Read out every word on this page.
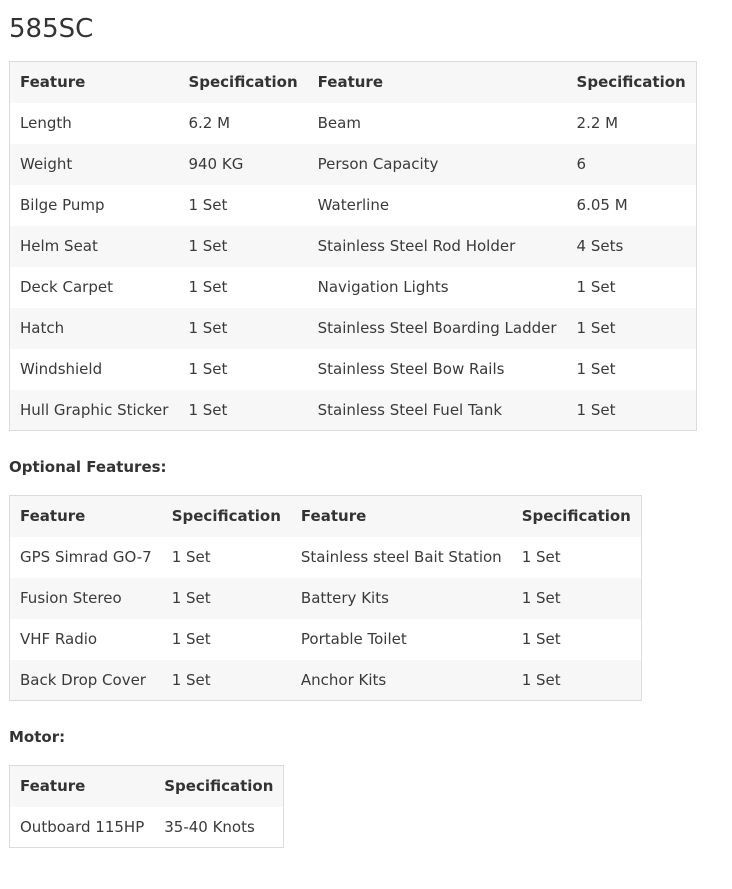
585SC
Feature	Specification	Feature	Specification
Length	6.2 M	Beam	2.2 M
Weight	940 KG	Person Capacity	6
Bilge Pump	1 Set	Waterline	6.05 M
Helm Seat	1 Set	Stainless Steel Rod Holder	4 Sets
Deck Carpet	1 Set	Navigation Lights	1 Set
Hatch	1 Set	Stainless Steel Boarding Ladder	1 Set
Windshield	1 Set	Stainless Steel Bow Rails	1 Set
Hull Graphic Sticker	1 Set	Stainless Steel Fuel Tank	1 Set
Optional Features:
Feature	Specification	Feature	Specification
GPS Simrad GO-7	1 Set	Stainless steel Bait Station	1 Set
Fusion Stereo	1 Set	Battery Kits	1 Set
VHF Radio	1 Set	Portable Toilet	1 Set
Back Drop Cover	1 Set	Anchor Kits	1 Set
Motor:
Feature	Specification
Outboard 115HP	35-40 Knots
